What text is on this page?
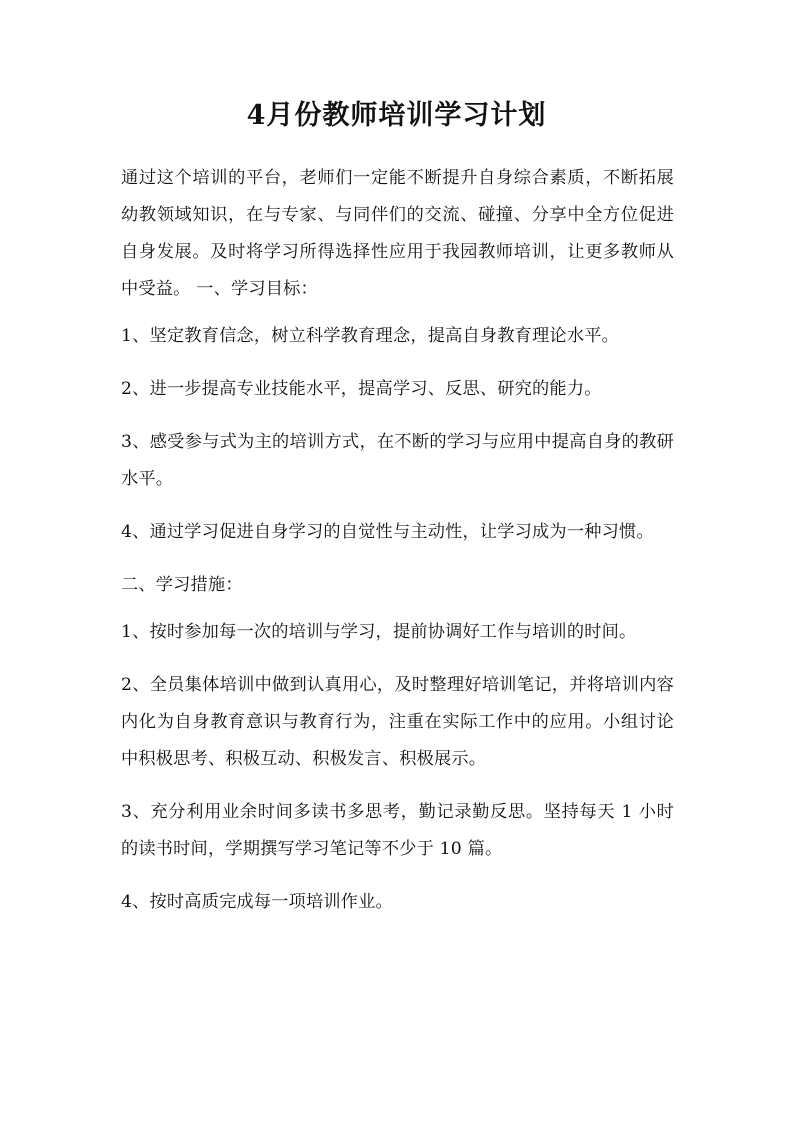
4月份教师培训学习计划

通过这个培训的平台，老师们一定能不断提升自身综合素质，不断拓展幼教领域知识，在与专家、与同伴们的交流、碰撞、分享中全方位促进自身发展。及时将学习所得选择性应用于我园教师培训，让更多教师从中受益。 一、学习目标：

1、坚定教育信念，树立科学教育理念，提高自身教育理论水平。

2、进一步提高专业技能水平，提高学习、反思、研究的能力。

3、感受参与式为主的培训方式，在不断的学习与应用中提高自身的教研水平。

4、通过学习促进自身学习的自觉性与主动性，让学习成为一种习惯。

二、学习措施：

1、按时参加每一次的培训与学习，提前协调好工作与培训的时间。

2、全员集体培训中做到认真用心，及时整理好培训笔记，并将培训内容内化为自身教育意识与教育行为，注重在实际工作中的应用。小组讨论中积极思考、积极互动、积极发言、积极展示。

3、充分利用业余时间多读书多思考，勤记录勤反思。坚持每天 1 小时的读书时间，学期撰写学习笔记等不少于 10 篇。

4、按时高质完成每一项培训作业。
